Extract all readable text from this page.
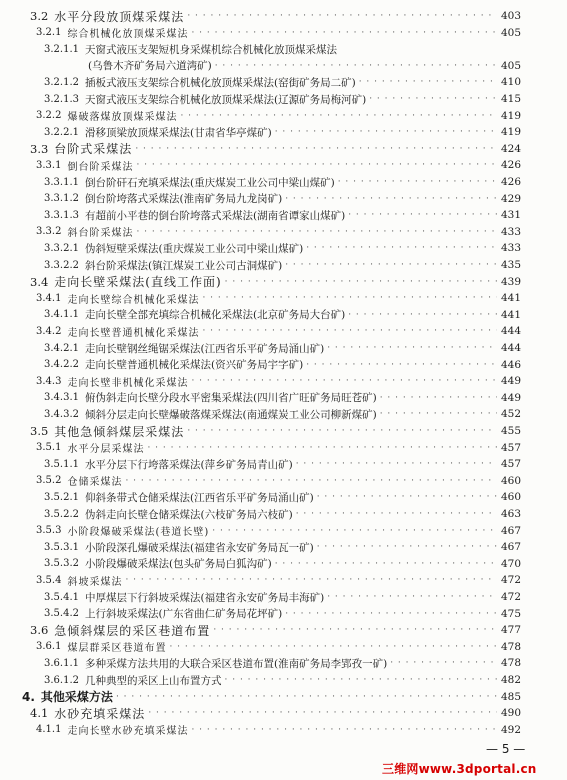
3.2 水平分段放顶煤采煤法 · · ·	403
3.2.1 综合机械化放顶煤采煤法 · · ·	405
3.2.1.1 天窗式液压支架短机身采煤机综合机械化放顶煤采煤法
(乌鲁木齐矿务局六道湾矿) · · ·	405
3.2.1.2 插板式液压支架综合机械化放顶煤采煤法(窑街矿务局二矿) · · ·	410
3.2.1.3 天窗式液压支架综合机械化放顶煤采煤法(辽源矿务局梅河矿) · · ·	415
3.2.2 爆破落煤放顶煤采煤法 · · ·	419
3.2.2.1 滑移顶梁放顶煤采煤法(甘肃省华亭煤矿) · · ·	419
3.3 台阶式采煤法 · · ·	424
3.3.1 倒台阶采煤法 · · ·	426
3.3.1.1 倒台阶矸石充填采煤法(重庆煤炭工业公司中梁山煤矿) · · ·	426
3.3.1.2 倒台阶垮落式采煤法(淮南矿务局九龙岗矿) · · ·	429
3.3.1.3 有超前小平巷的倒台阶垮落式采煤法(湖南省谭家山煤矿) · · ·	431
3.3.2 斜台阶采煤法 · · ·	433
3.3.2.1 伪斜短壁采煤法(重庆煤炭工业公司中梁山煤矿) · · ·	433
3.3.2.2 斜台阶采煤法(镇江煤炭工业公司古洞煤矿) · · ·	435
3.4 走向长壁采煤法(直线工作面) · · ·	439
3.4.1 走向长壁综合机械化采煤法 · · ·	441
3.4.1.1 走向长壁全部充填综合机械化采煤法(北京矿务局大台矿) · · ·	441
3.4.2 走向长壁普通机械化采煤法 · · ·	444
3.4.2.1 走向长壁钢丝绳锯采煤法(江西省乐平矿务局涌山矿) · · ·	444
3.4.2.2 走向长壁普通机械化采煤法(资兴矿务局宇字矿) · · ·	446
3.4.3 走向长壁非机械化采煤法 · · ·	449
3.4.3.1 俯伪斜走向长壁分段水平密集采煤法(四川省广旺矿务局旺苍矿) · · ·	449
3.4.3.2 倾斜分层走向长壁爆破落煤采煤法(南通煤炭工业公司柳新煤矿) · · ·	452
3.5 其他急倾斜煤层采煤法 · · ·	455
3.5.1 水平分层采煤法 · · ·	457
3.5.1.1 水平分层下行垮落采煤法(萍乡矿务局青山矿) · · ·	457
3.5.2 仓储采煤法 · · ·	460
3.5.2.1 仰斜条带式仓储采煤法(江西省乐平矿务局涌山矿) · · ·	460
3.5.2.2 伪斜走向长壁仓储采煤法(六枝矿务局六枝矿) · · ·	463
3.5.3 小阶段爆破采煤法(巷道长壁) · · ·	467
3.5.3.1 小阶段深孔爆破采煤法(福建省永安矿务局瓦一矿) · · ·	467
3.5.3.2 小阶段爆破采煤法(包头矿务局白狐沟矿) · · ·	470
3.5.4 斜坡采煤法 · · ·	472
3.5.4.1 中厚煤层下行斜坡采煤法(福建省永安矿务局丰海矿) · · ·	472
3.5.4.2 上行斜坡采煤法(广东省曲仁矿务局花坪矿) · · ·	475
3.6 急倾斜煤层的采区巷道布置 · · ·	477
3.6.1 煤层群采区巷道布置 · · ·	478
3.6.1.1 多种采煤方法共用的大联合采区巷道布置(淮南矿务局李郢孜一矿) · · ·	478
3.6.1.2 几种典型的采区上山布置方式 · · ·	482
4. 其他采煤方法 · · ·	485
4.1 水砂充填采煤法 · · ·	490
4.1.1 走向长壁水砂充填采煤法 · · ·	492
— 5 —
三维网www.3dportal.cn
